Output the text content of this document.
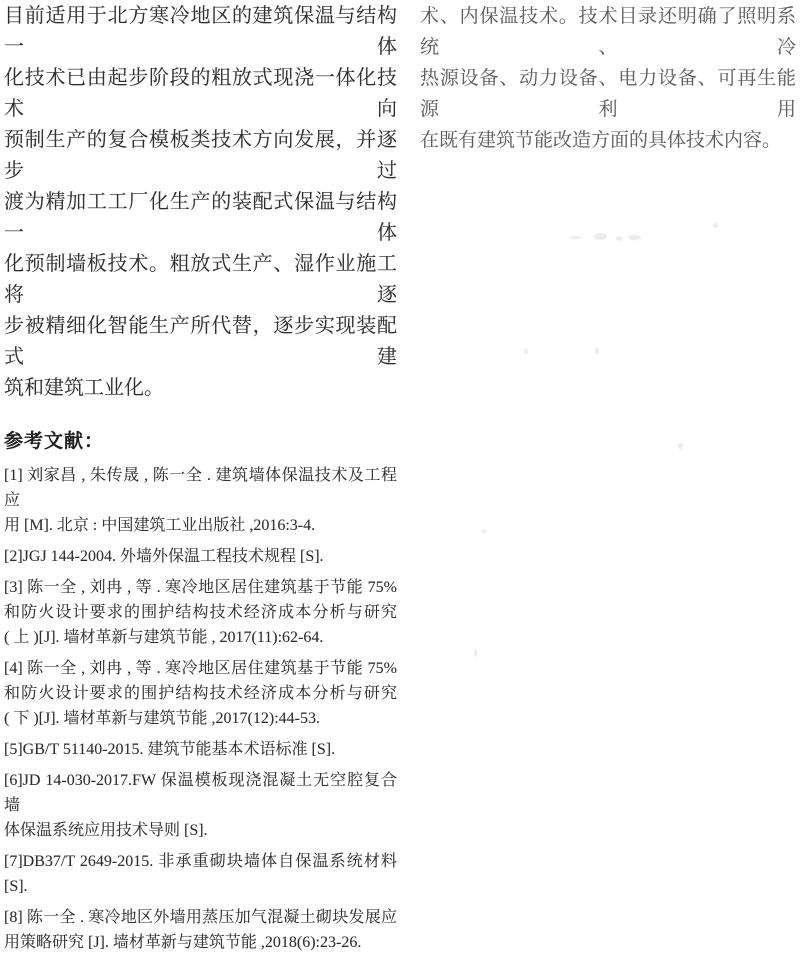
目前适用于北方寒冷地区的建筑保温与结构一体
化技术已由起步阶段的粗放式现浇一体化技术向
预制生产的复合模板类技术方向发展，并逐步过
渡为精加工工厂化生产的装配式保温与结构一体
化预制墙板技术。粗放式生产、湿作业施工将逐
步被精细化智能生产所代替，逐步实现装配式建
筑和建筑工业化。
参考文献：
[1] 刘家昌 , 朱传晟 , 陈一全 . 建筑墙体保温技术及工程应
用 [M]. 北京 : 中国建筑工业出版社 ,2016:3-4.
[2]JGJ 144-2004. 外墙外保温工程技术规程 [S].
[3] 陈一全 , 刘冉 , 等 . 寒冷地区居住建筑基于节能 75%
和防火设计要求的围护结构技术经济成本分析与研究
( 上 )[J]. 墙材革新与建筑节能 , 2017(11):62-64.
[4] 陈一全 , 刘冉 , 等 . 寒冷地区居住建筑基于节能 75%
和防火设计要求的围护结构技术经济成本分析与研究
( 下 )[J]. 墙材革新与建筑节能 ,2017(12):44-53.
[5]GB/T 51140-2015. 建筑节能基本术语标准 [S].
[6]JD 14-030-2017.FW 保温模板现浇混凝土无空腔复合墙
体保温系统应用技术导则 [S].
[7]DB37/T 2649-2015. 非承重砌块墙体自保温系统材料 [S].
[8] 陈一全 . 寒冷地区外墙用蒸压加气混凝土砌块发展应
用策略研究 [J]. 墙材革新与建筑节能 ,2018(6):23-26.
术、内保温技术。技术目录还明确了照明系统、冷
热源设备、动力设备、电力设备、可再生能源利用
在既有建筑节能改造方面的具体技术内容。
